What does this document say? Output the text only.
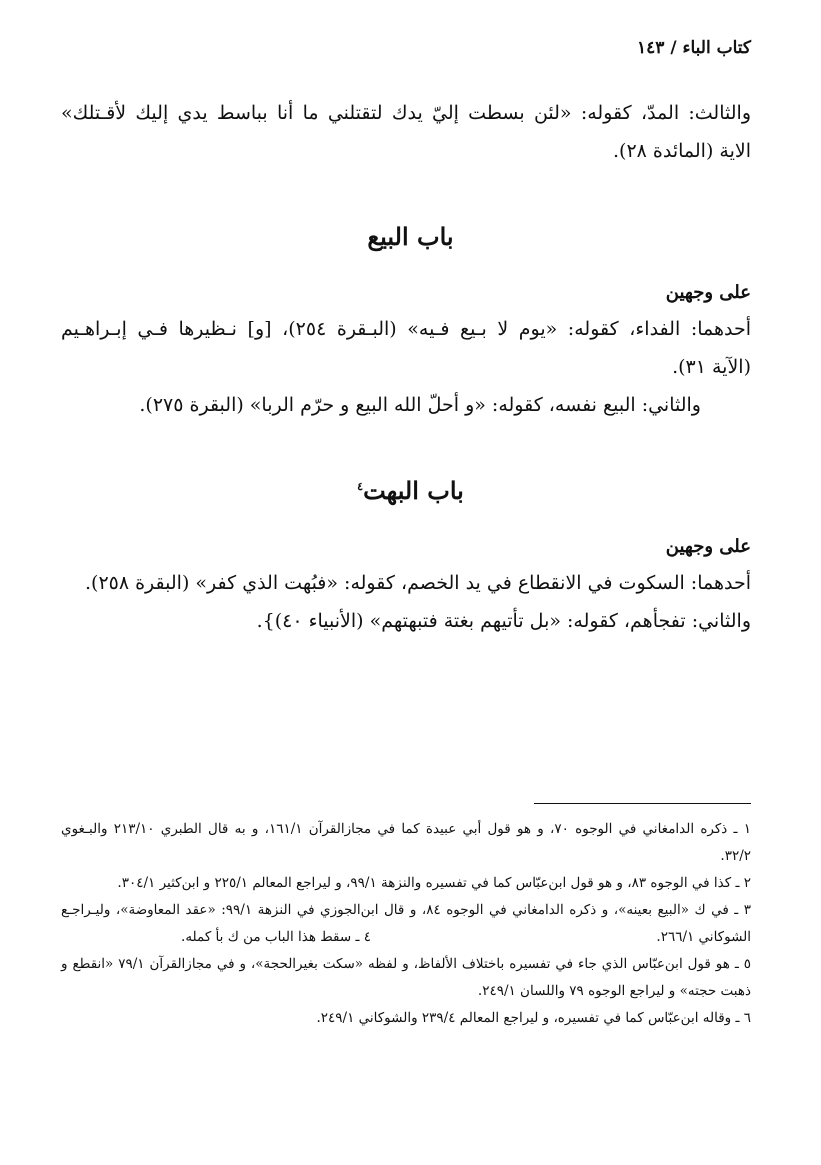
كتاب الباء / ١٤٣
والثالث: المدّ، كقوله: «لئن بسطت إليّ يدك لتقتلني ما أنا بباسط يدي إليك لأقـتلك»
الاية (المائدة ٢٨).
باب البيع
على وجهين
أحدهما: الفداء، كقوله: «يوم لا بـيع فـيه» (البـقرة ٢٥٤)، [و] نـظيرها فـي إبـراهـيم
(الآية ٣١).
والثاني: البيع نفسه، كقوله: «و أحلّ الله البيع و حرّم الربا» (البقرة ٢٧٥).
باب البهت$^٤$
على وجهين
أحدهما: السكوت في الانقطاع في يد الخصم، كقوله: «فبُهت الذي كفر» (البقرة ٢٥٨).
والثاني: تفجأهم، كقوله: «بل تأتيهم بغتة فتبهتهم» (الأنبياء ٤٠)}.
١ ـ ذكره الدامغاني في الوجوه ٧٠، و هو قول أبي عبيدة كما في مجازالقرآن ١٦١/١، و به قال الطبري ٢١٣/١٠ والبـغوي
٣٢/٢.
٢ ـ كذا في الوجوه ٨٣، و هو قول ابن‌عبّاس كما في تفسيره والنزهة ٩٩/١، و ليراجع المعالم ٢٢٥/١ و ابن‌كثير ٣٠٤/١.
٣ ـ في ك «البيع بعينه»، و ذكره الدامغاني في الوجوه ٨٤، و قال ابن‌الجوزي في النزهة ٩٩/١: «عقد المعاوضة»، وليـراجـع
الشوكاني ٢٦٦/١.
٤ ـ سقط هذا الباب من ك بأ كمله.
٥ ـ هو قول ابن‌عبّاس الذي جاء في تفسيره باختلاف الألفاظ، و لفظه «سكت بغيرالحجة»، و في مجازالقرآن ٧٩/١ «انقطع و
ذهبت حجته» و ليراجع الوجوه ٧٩ واللسان ٢٤٩/١.
٦ ـ وقاله ابن‌عبّاس كما في تفسيره، و ليراجع المعالم ٢٣٩/٤ والشوكاني ٢٤٩/١.
